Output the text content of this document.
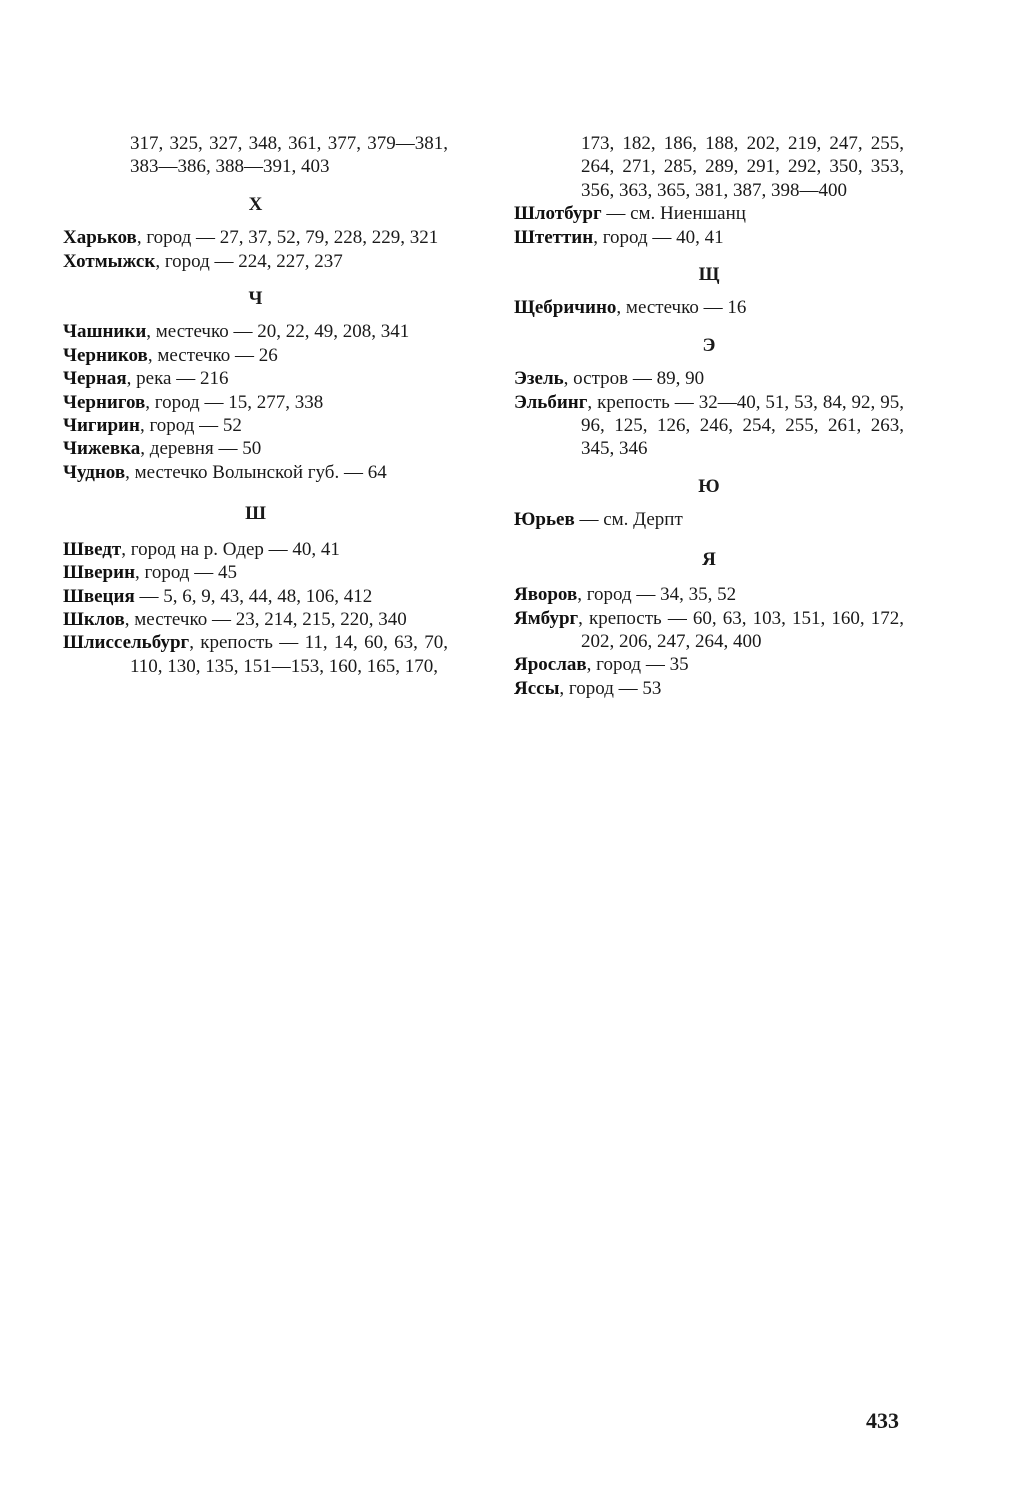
317, 325, 327, 348, 361, 377, 379—381, 383—386, 388—391, 403
Х
Харьков, город — 27, 37, 52, 79, 228, 229, 321
Хотмыжск, город — 224, 227, 237
Ч
Чашники, местечко — 20, 22, 49, 208, 341
Черников, местечко — 26
Черная, река — 216
Чернигов, город — 15, 277, 338
Чигирин, город — 52
Чижевка, деревня — 50
Чуднов, местечко Волынской губ. — 64
Ш
Шведт, город на р. Одер — 40, 41
Шверин, город — 45
Швеция — 5, 6, 9, 43, 44, 48, 106, 412
Шклов, местечко — 23, 214, 215, 220, 340
Шлиссельбург, крепость — 11, 14, 60, 63, 70, 110, 130, 135, 151—153, 160, 165, 170,
173, 182, 186, 188, 202, 219, 247, 255, 264, 271, 285, 289, 291, 292, 350, 353, 356, 363, 365, 381, 387, 398—400
Шлотбург — см. Ниеншанц
Штеттин, город — 40, 41
Щ
Щебричино, местечко — 16
Э
Эзель, остров — 89, 90
Эльбинг, крепость — 32—40, 51, 53, 84, 92, 95, 96, 125, 126, 246, 254, 255, 261, 263, 345, 346
Ю
Юрьев — см. Дерпт
Я
Яворов, город — 34, 35, 52
Ямбург, крепость — 60, 63, 103, 151, 160, 172, 202, 206, 247, 264, 400
Ярослав, город — 35
Яссы, город — 53
433
